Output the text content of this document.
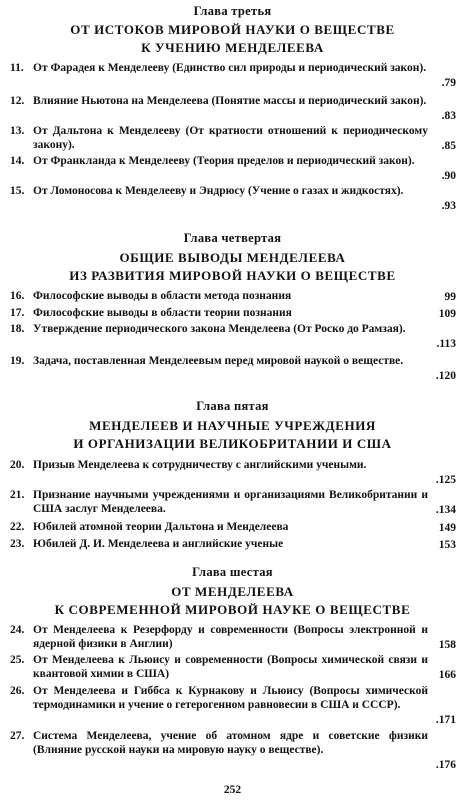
Глава третья
ОТ ИСТОКОВ МИРОВОЙ НАУКИ О ВЕЩЕСТВЕ
К УЧЕНИЮ МЕНДЕЛЕЕВА
11. От Фарадея к Менделееву (Единство сил природы и периодический закон).
.79
12. Влияние Ньютона на Менделеева (Понятие массы и периодический закон).
.83
13. От Дальтона к Менделееву (От кратности отношений к периодическому закону).	.85
14. От Франкланда к Менделееву (Теория пределов и периодический закон).
.90
15. От Ломоносова к Менделееву и Эндрюсу (Учение о газах и жидкостях).
.93
Глава четвертая
ОБЩИЕ ВЫВОДЫ МЕНДЕЛЕЕВА
ИЗ РАЗВИТИЯ МИРОВОЙ НАУКИ О ВЕЩЕСТВЕ
16. Философские выводы в области метода познания	99
17. Философские выводы в области теории познания	109
18. Утверждение периодического закона Менделеева (От Роско до Рамзая).
.113
19. Задача, поставленная Менделеевым перед мировой наукой о веществе.
.120
Глава пятая
МЕНДЕЛЕЕВ И НАУЧНЫЕ УЧРЕЖДЕНИЯ
И ОРГАНИЗАЦИИ ВЕЛИКОБРИТАНИИ И США
20. Призыв Менделеева к сотрудничеству с английскими учеными.
.125
21. Признание научными учреждениями и организациями Великобритании и США заслуг Менделеева.	.134
22. Юбилей атомной теории Дальтона и Менделеева	149
23. Юбилей Д. И. Менделеева и английские ученые	153
Глава шестая
ОТ МЕНДЕЛЕЕВА
К СОВРЕМЕННОЙ МИРОВОЙ НАУКЕ О ВЕЩЕСТВЕ
24. От Менделеева к Резерфорду и современности (Вопросы электронной и ядерной физики в Англии)	158
25. От Менделеева к Льюису и современности (Вопросы химической связи и квантовой химии в США)	166
26. От Менделеева и Гиббса к Курнакову и Льюису (Вопросы химической термодинамики и учение о гетерогенном равновесии в США и СССР).
.171
27. Система Менделеева, учение об атомном ядре и советские физики (Влияние русской науки на мировую науку о веществе).
.176
252
